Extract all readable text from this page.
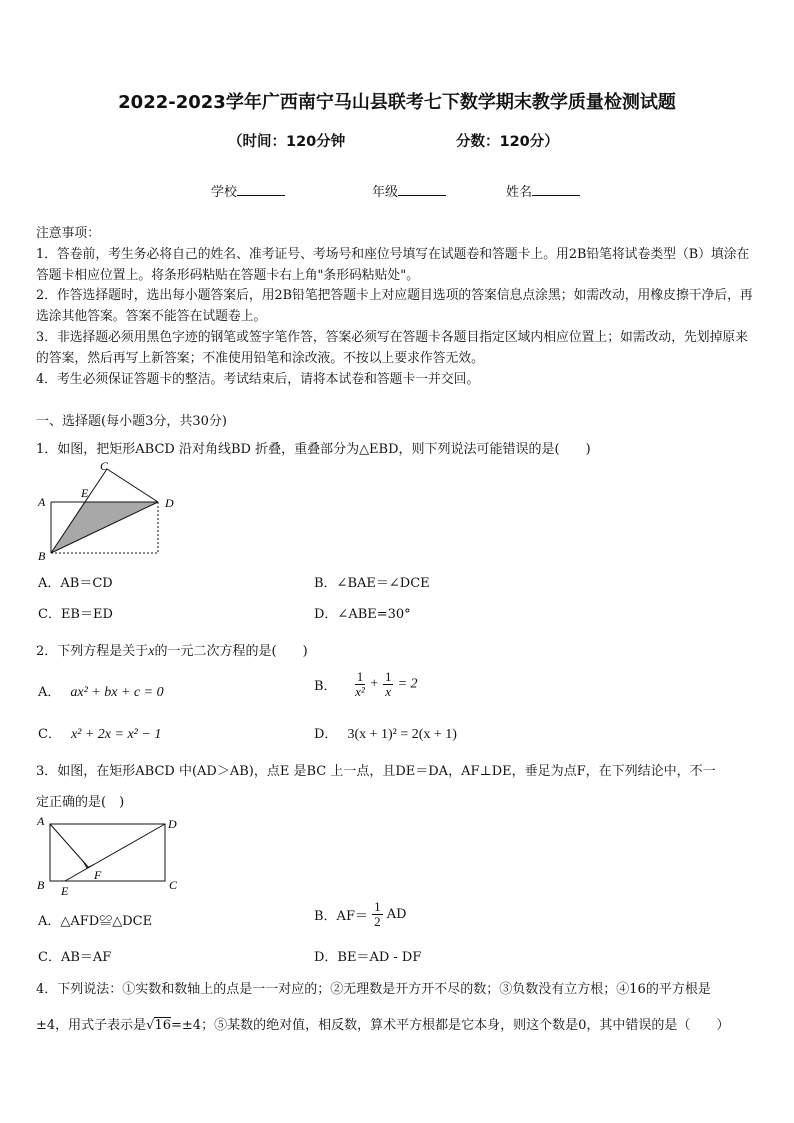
2022-2023学年广西南宁马山县联考七下数学期末教学质量检测试题
（时间：120分钟	分数：120分）
学校	年级	姓名

注意事项：

1．答卷前，考生务必将自己的姓名、准考证号、考场号和座位号填写在试题卷和答题卡上。用2B铅笔将试卷类型（B）填涂在答题卡相应位置上。将条形码粘贴在答题卡右上角"条形码粘贴处"。

2．作答选择题时，选出每小题答案后，用2B铅笔把答题卡上对应题目选项的答案信息点涂黑；如需改动，用橡皮擦干净后，再选涂其他答案。答案不能答在试题卷上。

3．非选择题必须用黑色字迹的钢笔或签字笔作答，答案必须写在答题卡各题目指定区域内相应位置上；如需改动，先划掉原来的答案，然后再写上新答案；不准使用铅笔和涂改液。不按以上要求作答无效。

4．考生必须保证答题卡的整洁。考试结束后，请将本试卷和答题卡一并交回。

一、选择题(每小题3分，共30分)
1．如图，把矩形ABCD 沿对角线BD 折叠，重叠部分为△EBD，则下列说法可能错误的是(　　)
A
B
C
D
E
A．AB＝CD	B．∠BAE＝∠DCE
C．EB＝ED	D．∠ABE=30°
2．下列方程是关于x的一元二次方程的是(　　)
A． ax² + bx + c = 0	B． $\frac{1}{\text{x²}} + \frac{1}{x} = 2$
C． x² + 2x = x² − 1	D． 3(x + 1)² = 2(x + 1)
3．如图，在矩形ABCD 中(AD＞AB)，点E 是BC 上一点，且DE＝DA，AF⊥DE，垂足为点F，在下列结论中，不一
定正确的是(　)
A
B	C
D
E
F
A．△AFD≌△DCE	B．$AF= \frac{1}{2}$ AD
C．AB＝AF	D．BE＝AD - DF
4．下列说法：①实数和数轴上的点是一一对应的；②无理数是开方开不尽的数；③负数没有立方根；④16的平方根是
±4，用式子表示是√16=±4；⑤某数的绝对值，相反数，算术平方根都是它本身，则这个数是0，其中错误的是（　　）
